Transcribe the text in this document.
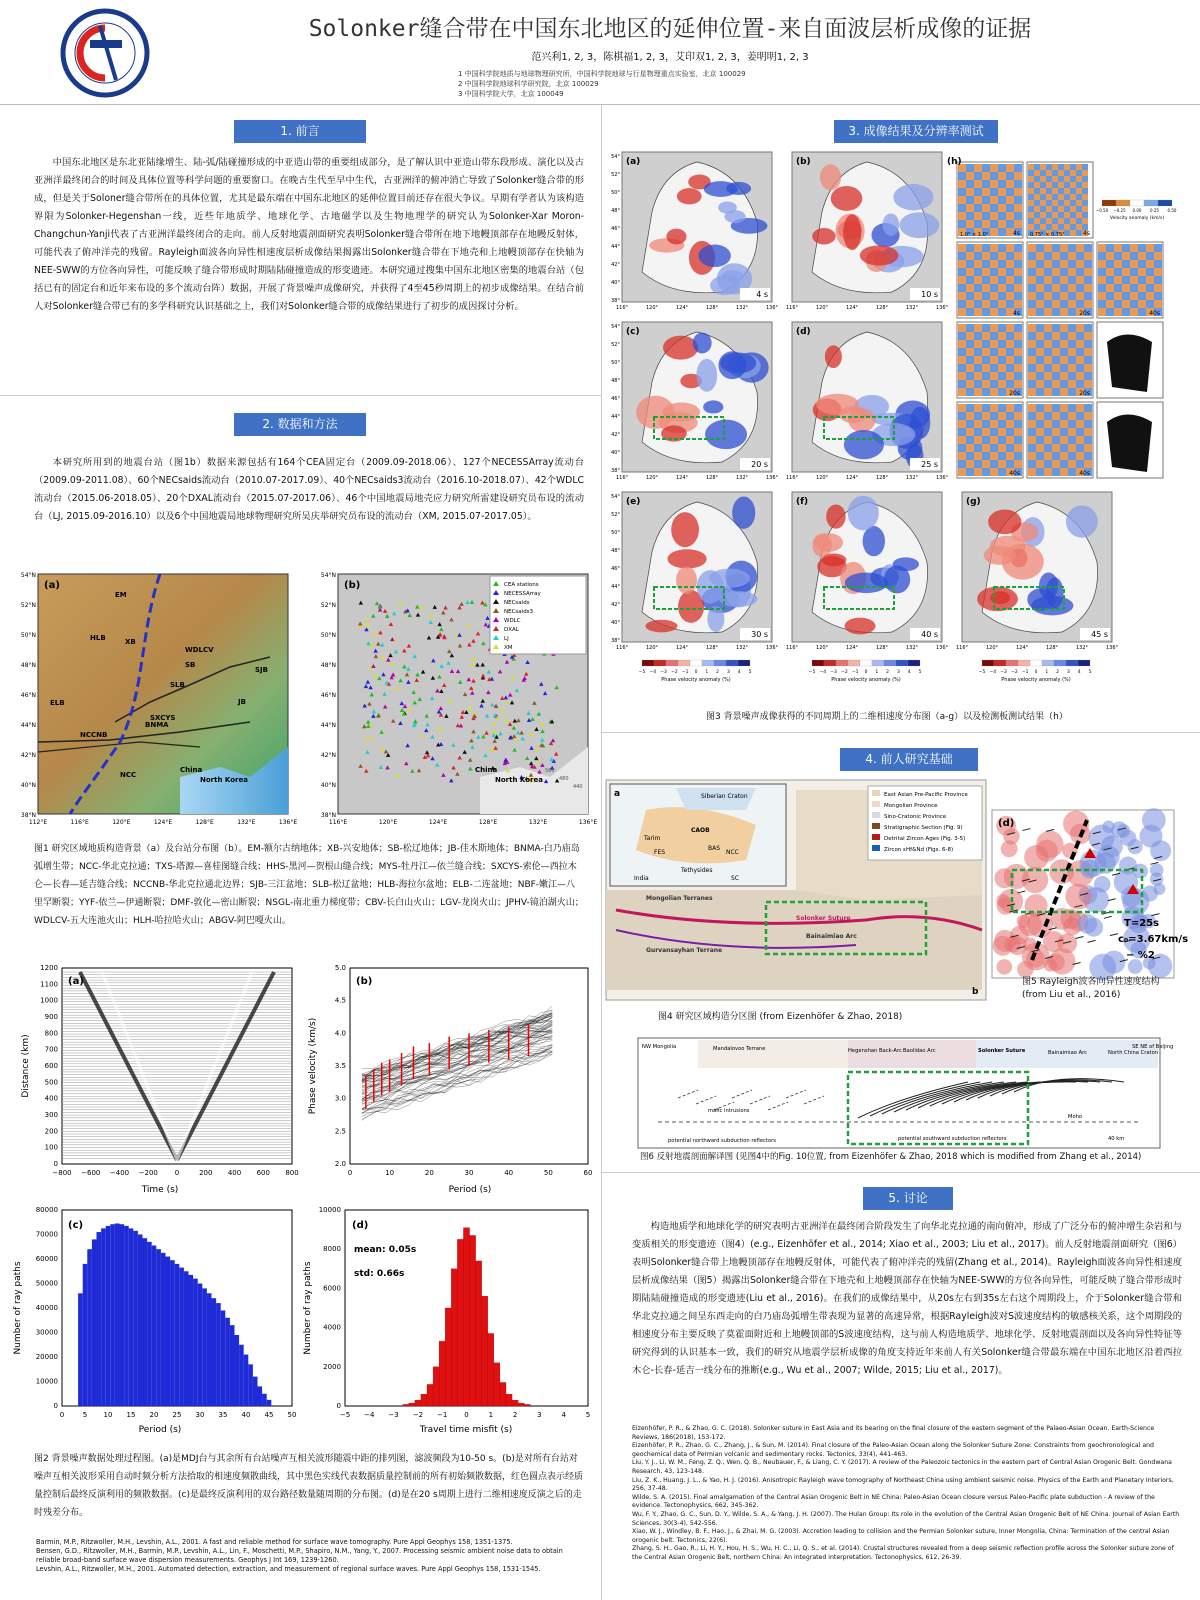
Solonker缝合带在中国东北地区的延伸位置-来自面波层析成像的证据
范兴利1, 2, 3，陈棋福1, 2, 3，艾印双1, 2, 3，姜明明1, 2, 3
1 中国科学院地质与地球物理研究所，中国科学院地球与行星物理重点实验室，北京 100029
2 中国科学院地球科学研究院，北京 100029
3 中国科学院大学，北京 100049
1. 前言
中国东北地区是东北亚陆缘增生、陆-弧/陆碰撞形成的中亚造山带的重要组成部分，是了解认识中亚造山带东段形成、演化以及古亚洲洋最终闭合的时间及具体位置等科学问题的重要窗口。在晚古生代至早中生代，古亚洲洋的俯冲消亡导致了Solonker缝合带的形成，但是关于Soloner缝合带所在的具体位置，尤其是最东端在中国东北地区的延伸位置目前还存在很大争议。早期有学者认为该构造界限为Solonker-Hegenshan一线，近些年地质学、地球化学、古地磁学以及生物地理学的研究认为Solonker-Xar Moron-Changchun-Yanji代表了古亚洲洋最终闭合的走向。前人反射地震剖面研究表明Solonker缝合带所在地下地幔顶部存在地幔反射体，可能代表了俯冲洋壳的残留。Rayleigh面波各向异性相速度层析成像结果揭露出Solonker缝合带在下地壳和上地幔顶部存在快轴为NEE-SWW的方位各向异性，可能反映了缝合带形成时期陆陆碰撞造成的形变遗迹。本研究通过搜集中国东北地区密集的地震台站（包括已有的固定台和近年来布设的多个流动台阵）数据，开展了背景噪声成像研究，并获得了4至45秒周期上的初步成像结果。在结合前人对Solonker缝合带已有的多学科研究认识基础之上，我们对Solonker缝合带的成像结果进行了初步的成因探讨分析。
2. 数据和方法
本研究所用到的地震台站（图1b）数据来源包括有164个CEA固定台（2009.09-2018.06）、127个NECESSArray流动台（2009.09-2011.08）、60个NECsaids流动台（2010.07-2017.09）、40个NECsaids3流动台（2016.10-2018.07）、42个WDLC流动台（2015.06-2018.05）、20个DXAL流动台（2015.07-2017.06）、46个中国地震局地壳应力研究所雷建设研究员布设的流动台（LJ, 2015.09-2016.10）以及6个中国地震局地球物理研究所吴庆举研究员布设的流动台（XM, 2015.07-2017.05）。
EM
HLB	XB
SB
SLB
SJB
JB
ELB
BNMA
NCC
China
North Korea
WDLCV
SXCYS
NCCNB
(a)
54°N
52°N
50°N
48°N
46°N
44°N
42°N
40°N
38°N
112°E	116°E	120°E	124°E	128°E	132°E	136°E
CEA stations
NECESSArray
NECsaids
NECsaids3
WDLC
DXAL
LJ
XM
China
North Korea
560
480
440
(b)
54°N
52°N
50°N
48°N
46°N
44°N
42°N
40°N
38°N
116°E	120°E	124°E	128°E	132°E	136°E
图1 研究区域地质构造背景（a）及台站分布图（b）。EM-额尔古纳地体；XB-兴安地体；SB-松辽地体；JB-佳木斯地体；BNMA-白乃庙岛弧增生带；NCC-华北克拉通；TXS-塔源—喜桂图缝合线；HHS-黑河—贺根山缝合线；MYS-牡丹江—依兰缝合线；SXCYS-索伦—西拉木仑—长春—延吉缝合线；NCCNB-华北克拉通北边界；SJB-三江盆地；SLB-松辽盆地；HLB-海拉尔盆地；ELB-二连盆地；NBF-嫩江—八里罕断裂；YYF-依兰—伊通断裂；DMF-敦化—密山断裂；NSGL-南北重力梯度带；CBV-长白山火山；LGV-龙岗火山；JPHV-镜泊湖火山；WDLCV-五大连池火山；HLH-哈拉哈火山；ABGV-阿巴嘎火山。
(a)
Time (s)
Distance (km)
−800 −600 −400 −200 0	200 400 600 800
1200
1100
1000
900
800
700
600
500
400
300
200
100
0
(b)
Period (s)
Phase velocity (km/s)
0	10	20	30	40	50	60
5.0
4.5
4.0
3.5
3.0
2.5
2.0
(c)
Period (s)
Number of ray paths
0	5 10 15 20 25 30 35 40 45 50
80000
70000
60000
50000
40000
30000
20000
10000
0
(d)
mean: 0.05s
std: 0.66s
Travel time misfit (s)
Number of ray paths
−5 −4 −3 −2 −1 0	1	2	3	4	5
10000
8000
6000
4000
2000
0
图2 背景噪声数据处理过程图。(a)是MDJ台与其余所有台站噪声互相关波形随震中距的排列图，滤波频段为10-50 s。(b)是对所有台站对噪声互相关波形采用自动时频分析方法拾取的相速度频散曲线，其中黑色实线代表数据质量控制前的所有初始频散数据，红色圆点表示经质量控制后最终反演利用的频散数据。(c)是最终反演利用的双台路径数量随周期的分布图。(d)是在20 s周期上进行二维相速度反演之后的走时残差分布。
Barmin, M.P., Ritzwoller, M.H., Levshin, A.L., 2001. A fast and reliable method for surface wave tomography. Pure Appl Geophys 158, 1351-1375.
Bensen, G.D., Ritzwoller, M.H., Barmin, M.P., Levshin, A.L., Lin, F., Moschetti, M.P., Shapiro, N.M., Yang, Y., 2007. Processing seismic ambient noise data to obtain reliable broad-band surface wave dispersion measurements. Geophys J Int 169, 1239-1260.
Levshin, A.L., Ritzwoller, M.H., 2001. Automated detection, extraction, and measurement of regional surface waves. Pure Appl Geophys 158, 1531-1545.
3. 成像结果及分辨率测试
(a)
4 s
54°
52°
50°
48°
46°
44°
42°
40°
38°
116°	120°	124°	128°	132°	136°
(b)
10 s
116°	120°	124°	128°	132°	136°
(c)
20 s
54°
52°
50°
48°
46°
44°
42°
40°
38°
116°	120°	124°	128°	132°	136°
(d)
25 s
116°	120°	124°	128°	132°	136°
(e)
30 s
54°
52°
50°
48°
46°
44°
42°
40°
38°
116°	120°	124°	128°	132°	136°
(f)
40 s
116°	120°	124°	128°	132°	136°
(g)
45 s
116°	120°	124°	128°	132°	136°
4s	4s
4s	20s
20s	20s
40s	40s
40s
1.0° × 1.0°	0.75° × 0.75°
(h)
−5 −4 −3 −2 −1 0 1 2 3 4 5
Phase velocity anomaly (%)
−5 −4 −3 −2 −1 0 1 2 3 4 5
Phase velocity anomaly (%)
−5 −4 −3 −2 −1 0 1 2 3 4 5
Phase velocity anomaly (%)
−0.50 −0.25 0.00 0.25 0.50
Velocity anomaly (km/s)
图3 背景噪声成像获得的不同周期上的二维相速度分布图（a-g）以及检测板测试结果（h）
4. 前人研究基础
Siberian Craton
CAOB
Tarim
NCC
India
Tethysides
SC
FES
BAS
East Asian Pre-Pacific Province
Mongolian Province
Sino-Cratonic Province
Stratigraphic Section (Fig. 9)
Detrital Zircon Ages (Fig. 3-5)
Zircon εHf&Nd (Figs. 6-8)
Solonker Suture
Bainaimiao Arc
Mongolian Terranes
Gurvansayhan Terrane
a
b
(d)
T=25s
c₀=3.67km/s
− %2
图5 Rayleigh波各向异性速度结构
(from Liu et al., 2016)
图4 研究区域构造分区图 (from Eizenhöfer & Zhao, 2018)
NW Mongolia	Mandalovoo Terrane	Hegenshan Back-Arc Baolidao Arc	Solonker Suture	Bainaimiao Arc	North China Craton
SE NE of Beijing
potential northward subduction reflectors
mafic intrusions
Moho
potential southward subduction reflectors	40 km
图6 反射地震剖面解译图 (见图4中的Fig. 10位置, from Eizenhöfer & Zhao, 2018 which is modified from Zhang et al., 2014)
5. 讨论
构造地质学和地球化学的研究表明古亚洲洋在最终闭合阶段发生了向华北克拉通的南向俯冲，形成了广泛分布的俯冲增生杂岩和与变质相关的形变遗迹（图4）(e.g., Eizenhöfer et al., 2014; Xiao et al., 2003; Liu et al., 2017)。前人反射地震剖面研究（图6）表明Solonker缝合带上地幔顶部存在地幔反射体，可能代表了俯冲洋壳的残留(Zhang et al., 2014)。Rayleigh面波各向异性相速度层析成像结果（图5）揭露出Solonker缝合带在下地壳和上地幔顶部存在快轴为NEE-SWW的方位各向异性，可能反映了缝合带形成时期陆陆碰撞造成的形变遗迹(Liu et al., 2016)。在我们的成像结果中，从20s左右到35s左右这个周期段上，介于Solonker缝合带和华北克拉通之间呈东西走向的白乃庙岛弧增生带表现为显著的高速异常，根据Rayleigh波对S波速度结构的敏感核关系，这个周期段的相速度分布主要反映了莫霍面附近和上地幔顶部的S波速度结构，这与前人构造地质学、地球化学、反射地震剖面以及各向异性特征等研究得到的认识基本一致，我们的研究从地震学层析成像的角度支持近年来前人有关Solonker缝合带最东端在中国东北地区沿着西拉木仑-长春-延吉一线分布的推断(e.g., Wu et al., 2007; Wilde, 2015; Liu et al., 2017)。
Eizenhöfer, P. R., & Zhao, G. C. (2018). Solonker suture in East Asia and its bearing on the final closure of the eastern segment of the Palaeo-Asian Ocean. Earth-Science Reviews, 186(2018), 153-172.
Eizenhöfer, P. R., Zhao, G. C., Zhang, J., & Sun, M. (2014). Final closure of the Paleo-Asian Ocean along the Solonker Suture Zone: Constraints from geochronological and geochemical data of Permian volcanic and sedimentary rocks. Tectonics, 33(4), 441-463.
Liu, Y. J., Li, W. M., Feng, Z. Q., Wen, Q. B., Neubauer, F., & Liang, C. Y. (2017). A review of the Paleozoic tectonics in the eastern part of Central Asian Orogenic Belt. Gondwana Research, 43, 123-148.
Liu, Z. K., Huang, J. L., & Yao, H. J. (2016). Anisotropic Rayleigh wave tomography of Northeast China using ambient seismic noise. Physics of the Earth and Planetary Interiors, 256, 37-48.
Wilde, S. A. (2015). Final amalgamation of the Central Asian Orogenic Belt in NE China: Paleo-Asian Ocean closure versus Paleo-Pacific plate subduction - A review of the evidence. Tectonophysics, 662, 345-362.
Wu, F. Y., Zhao, G. C., Sun, D. Y., Wilde, S. A., & Yang, J. H. (2007). The Hulan Group: Its role in the evolution of the Central Asian Orogenic Belt of NE China. Journal of Asian Earth Sciences, 30(3-4), 542-556.
Xiao, W. J., Windley, B. F., Hao, J., & Zhai, M. G. (2003). Accretion leading to collision and the Permian Solonker suture, Inner Mongolia, China: Termination of the central Asian orogenic belt. Tectonics, 22(6).
Zhang, S. H., Gao, R., Li, H. Y., Hou, H. S., Wu, H. C., Li, Q. S., et al. (2014). Crustal structures revealed from a deep seismic reflection profile across the Solonker suture zone of the Central Asian Orogenic Belt, northern China: An integrated interpretation. Tectonophysics, 612, 26-39.
